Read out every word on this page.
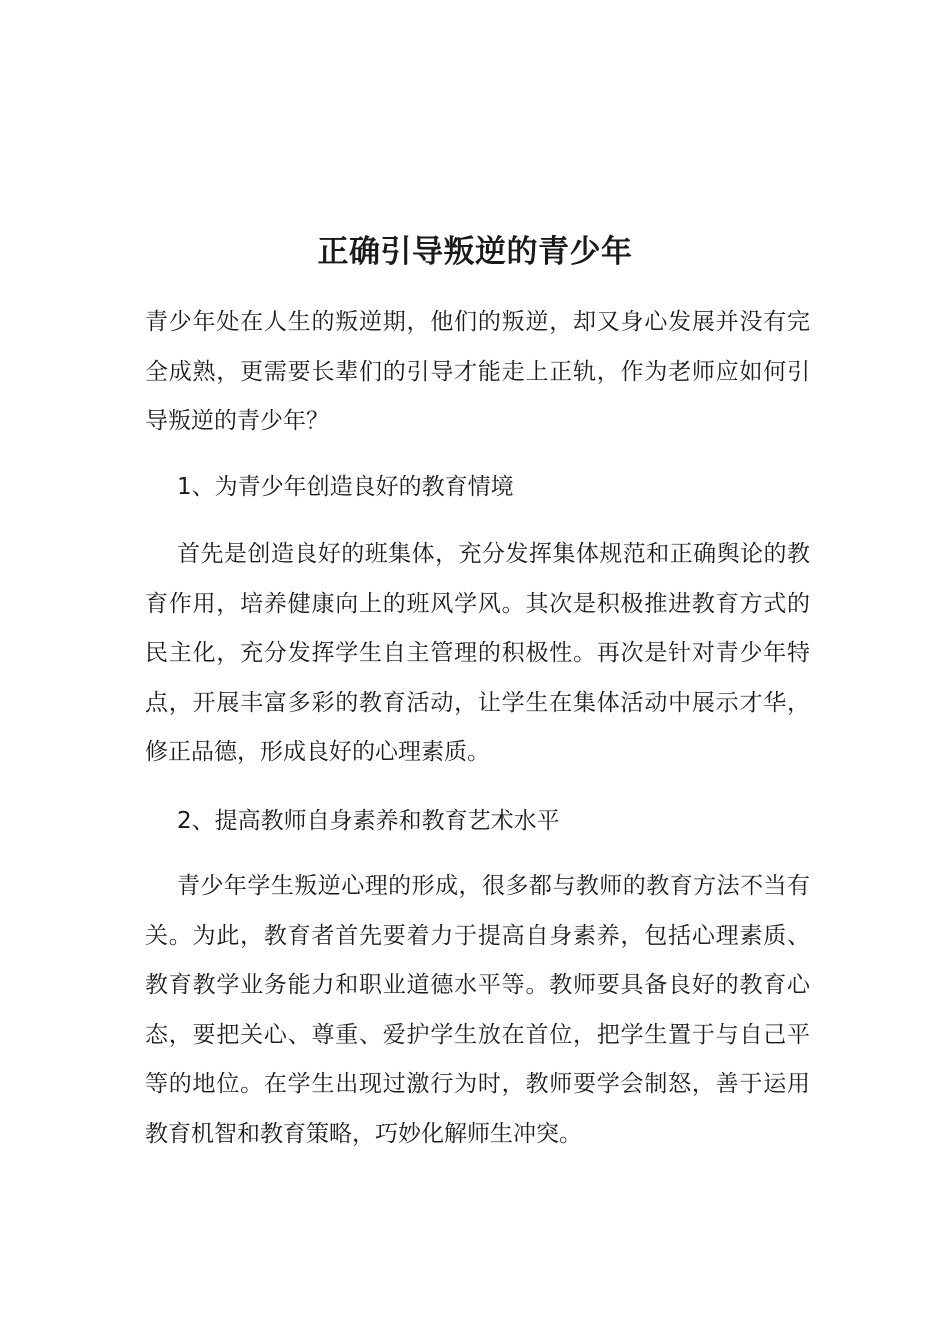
正确引导叛逆的青少年

青少年处在人生的叛逆期，他们的叛逆，却又身心发展并没有完全成熟，更需要长辈们的引导才能走上正轨，作为老师应如何引导叛逆的青少年？

1、为青少年创造良好的教育情境

首先是创造良好的班集体，充分发挥集体规范和正确舆论的教育作用，培养健康向上的班风学风。其次是积极推进教育方式的民主化，充分发挥学生自主管理的积极性。再次是针对青少年特点，开展丰富多彩的教育活动，让学生在集体活动中展示才华，修正品德，形成良好的心理素质。

2、提高教师自身素养和教育艺术水平

青少年学生叛逆心理的形成，很多都与教师的教育方法不当有关。为此，教育者首先要着力于提高自身素养，包括心理素质、教育教学业务能力和职业道德水平等。教师要具备良好的教育心态，要把关心、尊重、爱护学生放在首位，把学生置于与自己平等的地位。在学生出现过激行为时，教师要学会制怒，善于运用教育机智和教育策略，巧妙化解师生冲突。
